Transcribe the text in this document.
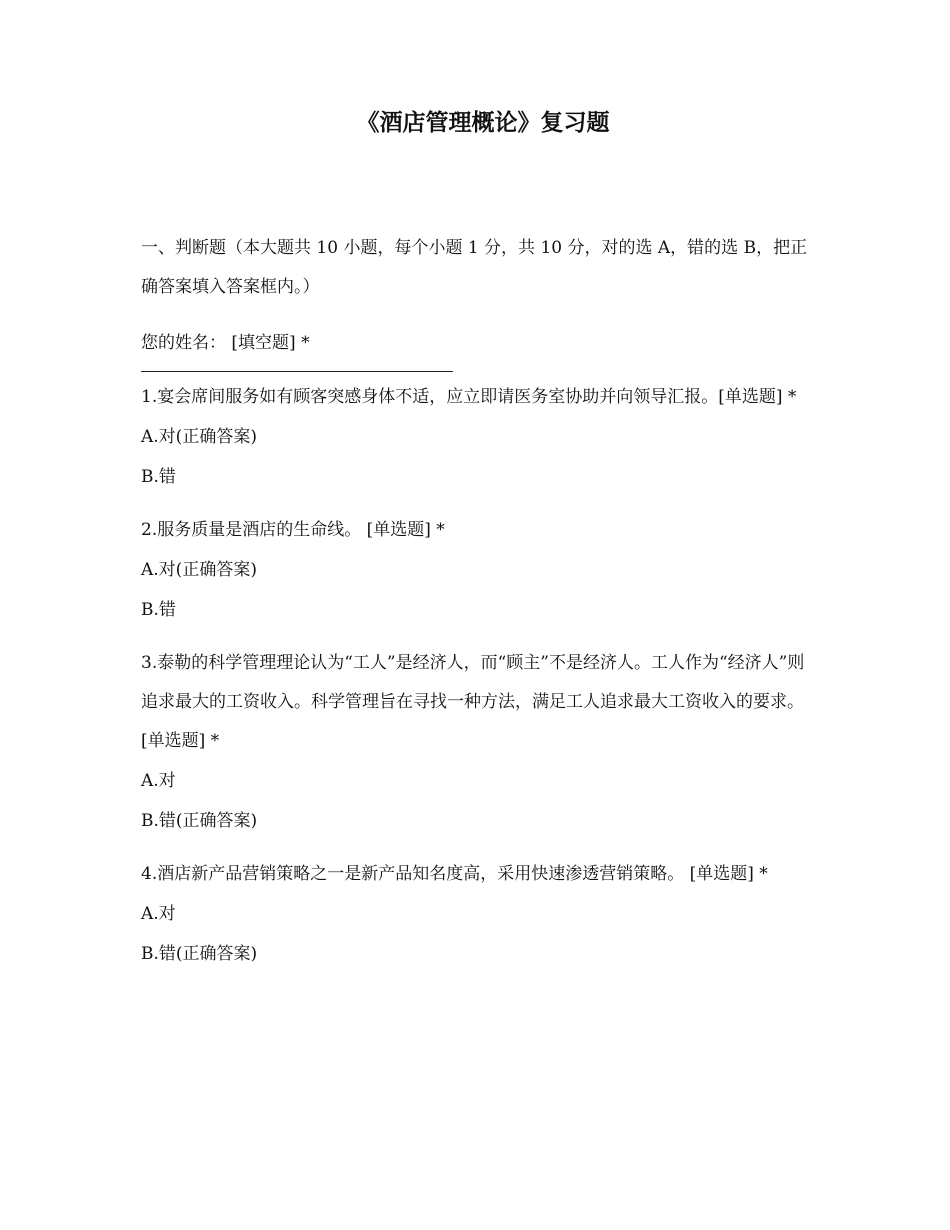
《酒店管理概论》复习题

一、判断题（本大题共 10 小题，每个小题 1 分，共 10 分，对的选 A，错的选 B，把正确答案填入答案框内。）

您的姓名： [填空题] *

1.宴会席间服务如有顾客突感身体不适，应立即请医务室协助并向领导汇报。[单选题] *

A.对(正确答案)

B.错

2.服务质量是酒店的生命线。 [单选题] *

A.对(正确答案)

B.错

3.泰勒的科学管理理论认为“工人”是经济人，而“顾主”不是经济人。工人作为“经济人”则追求最大的工资收入。科学管理旨在寻找一种方法，满足工人追求最大工资收入的要求。 [单选题] *

A.对

B.错(正确答案)

4.酒店新产品营销策略之一是新产品知名度高，采用快速渗透营销策略。 [单选题] *

A.对

B.错(正确答案)
